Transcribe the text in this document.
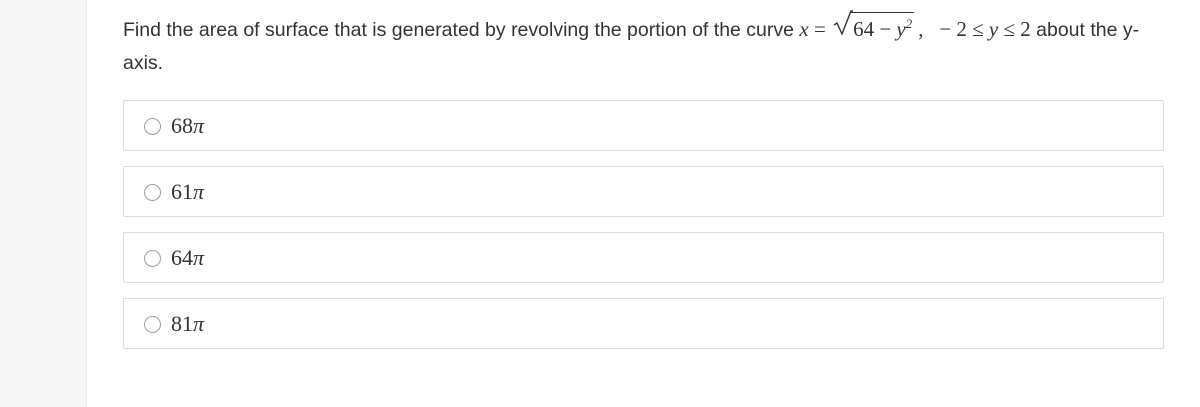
Find the area of surface that is generated by revolving the portion of the curve $x = 64 - y^2$ , − 2 ≤ y ≤ 2 about the y-axis.
68π
61π
64π
81π
